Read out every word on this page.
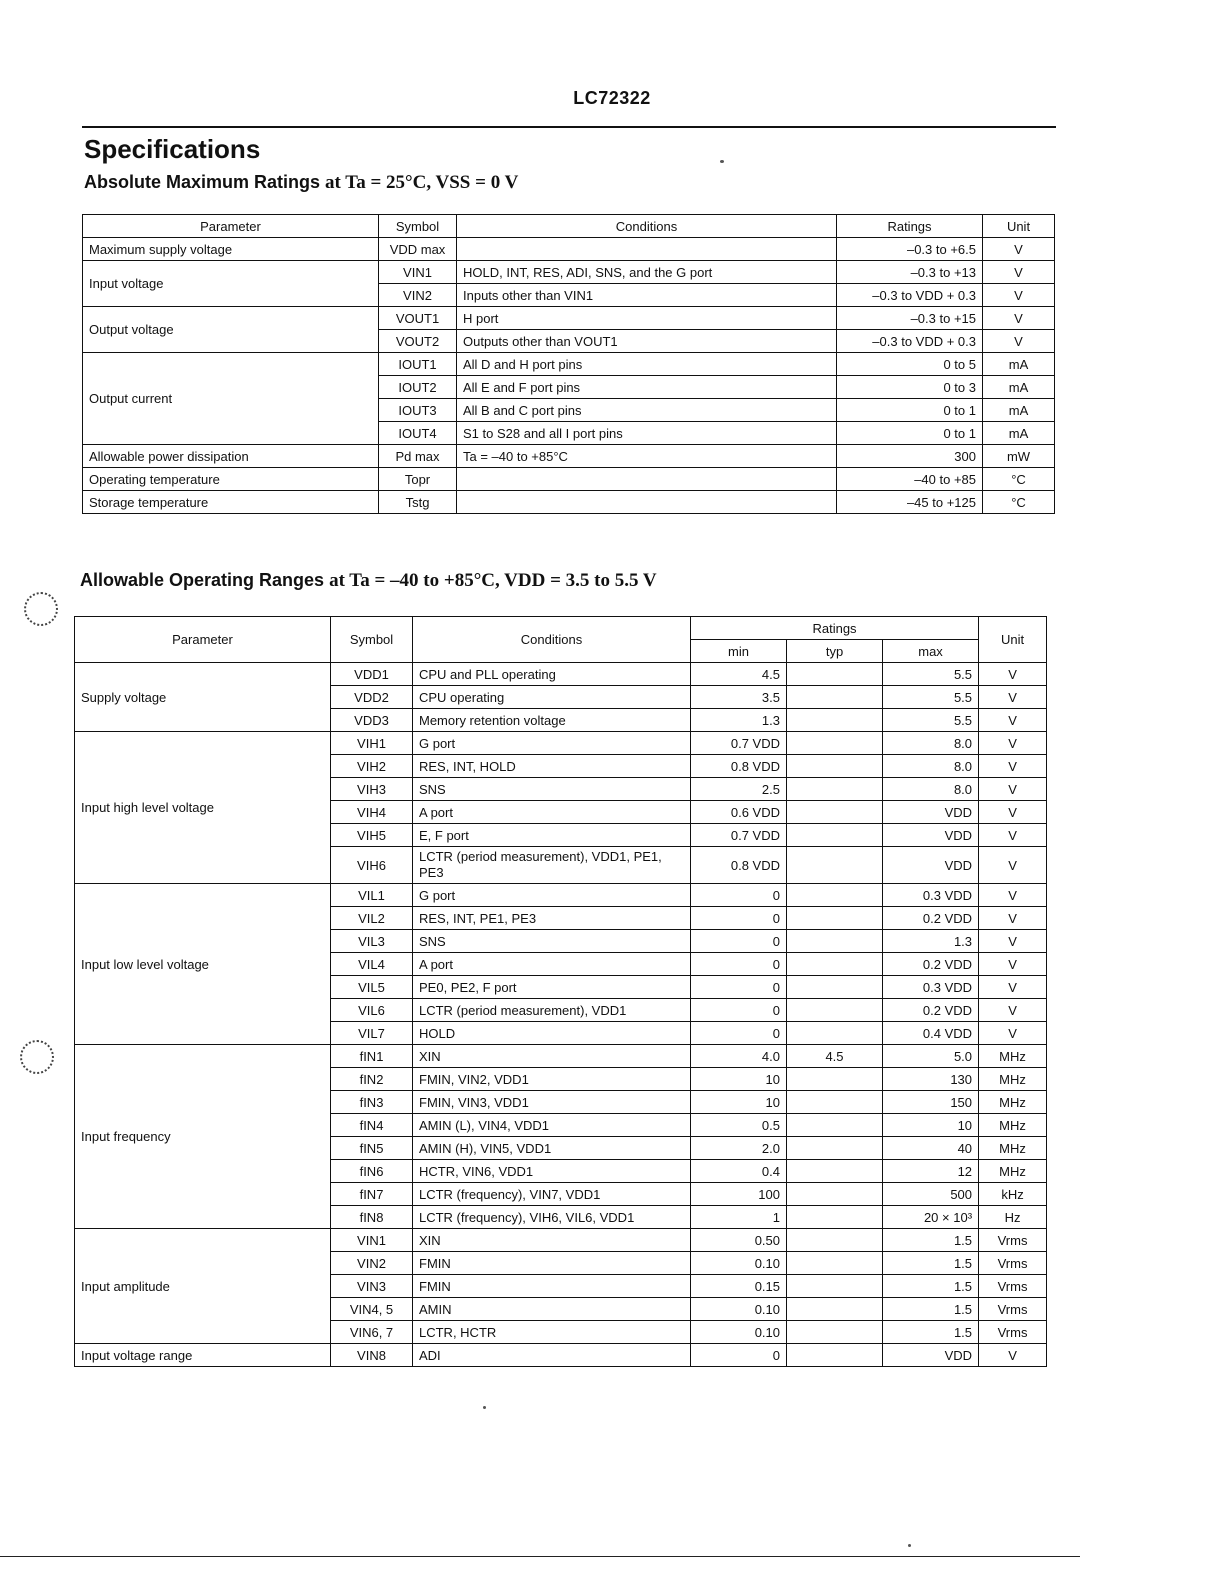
LC72322
Specifications
Absolute Maximum Ratings at Ta = 25°C, VSS = 0 V
Parameter	Symbol	Conditions	Ratings	Unit
Maximum supply voltage	VDD max		–0.3 to +6.5	V
Input voltage	VIN1	HOLD, INT, RES, ADI, SNS, and the G port	–0.3 to +13	V
	VIN2	Inputs other than VIN1	–0.3 to VDD + 0.3	V
Output voltage	VOUT1	H port	–0.3 to +15	V
	VOUT2	Outputs other than VOUT1	–0.3 to VDD + 0.3	V
Output current	IOUT1	All D and H port pins	0 to 5	mA
	IOUT2	All E and F port pins	0 to 3	mA
	IOUT3	All B and C port pins	0 to 1	mA
	IOUT4	S1 to S28 and all I port pins	0 to 1	mA
Allowable power dissipation	Pd max	Ta = –40 to +85°C	300	mW
Operating temperature	Topr		–40 to +85	°C
Storage temperature	Tstg		–45 to +125	°C
Allowable Operating Ranges at Ta = –40 to +85°C, VDD = 3.5 to 5.5 V
Parameter	Symbol	Conditions	Ratings			Unit
			min	typ	max	
Supply voltage	VDD1	CPU and PLL operating	4.5		5.5	V
	VDD2	CPU operating	3.5		5.5	V
	VDD3	Memory retention voltage	1.3		5.5	V
Input high level voltage	VIH1	G port	0.7 VDD		8.0	V
	VIH2	RES, INT, HOLD	0.8 VDD		8.0	V
	VIH3	SNS	2.5		8.0	V
	VIH4	A port	0.6 VDD		VDD	V
	VIH5	E, F port	0.7 VDD		VDD	V
	VIH6	LCTR (period measurement), VDD1, PE1, PE3	0.8 VDD		VDD	V
Input low level voltage	VIL1	G port	0		0.3 VDD	V
	VIL2	RES, INT, PE1, PE3	0		0.2 VDD	V
	VIL3	SNS	0		1.3	V
	VIL4	A port	0		0.2 VDD	V
	VIL5	PE0, PE2, F port	0		0.3 VDD	V
	VIL6	LCTR (period measurement), VDD1	0		0.2 VDD	V
	VIL7	HOLD	0		0.4 VDD	V
Input frequency	fIN1	XIN	4.0	4.5	5.0	MHz
	fIN2	FMIN, VIN2, VDD1	10		130	MHz
	fIN3	FMIN, VIN3, VDD1	10		150	MHz
	fIN4	AMIN (L), VIN4, VDD1	0.5		10	MHz
	fIN5	AMIN (H), VIN5, VDD1	2.0		40	MHz
	fIN6	HCTR, VIN6, VDD1	0.4		12	MHz
	fIN7	LCTR (frequency), VIN7, VDD1	100		500	kHz
	fIN8	LCTR (frequency), VIH6, VIL6, VDD1	1		20 × 10³	Hz
Input amplitude	VIN1	XIN	0.50		1.5	Vrms
	VIN2	FMIN	0.10		1.5	Vrms
	VIN3	FMIN	0.15		1.5	Vrms
	VIN4, 5	AMIN	0.10		1.5	Vrms
	VIN6, 7	LCTR, HCTR	0.10		1.5	Vrms
Input voltage range	VIN8	ADI	0		VDD	V
